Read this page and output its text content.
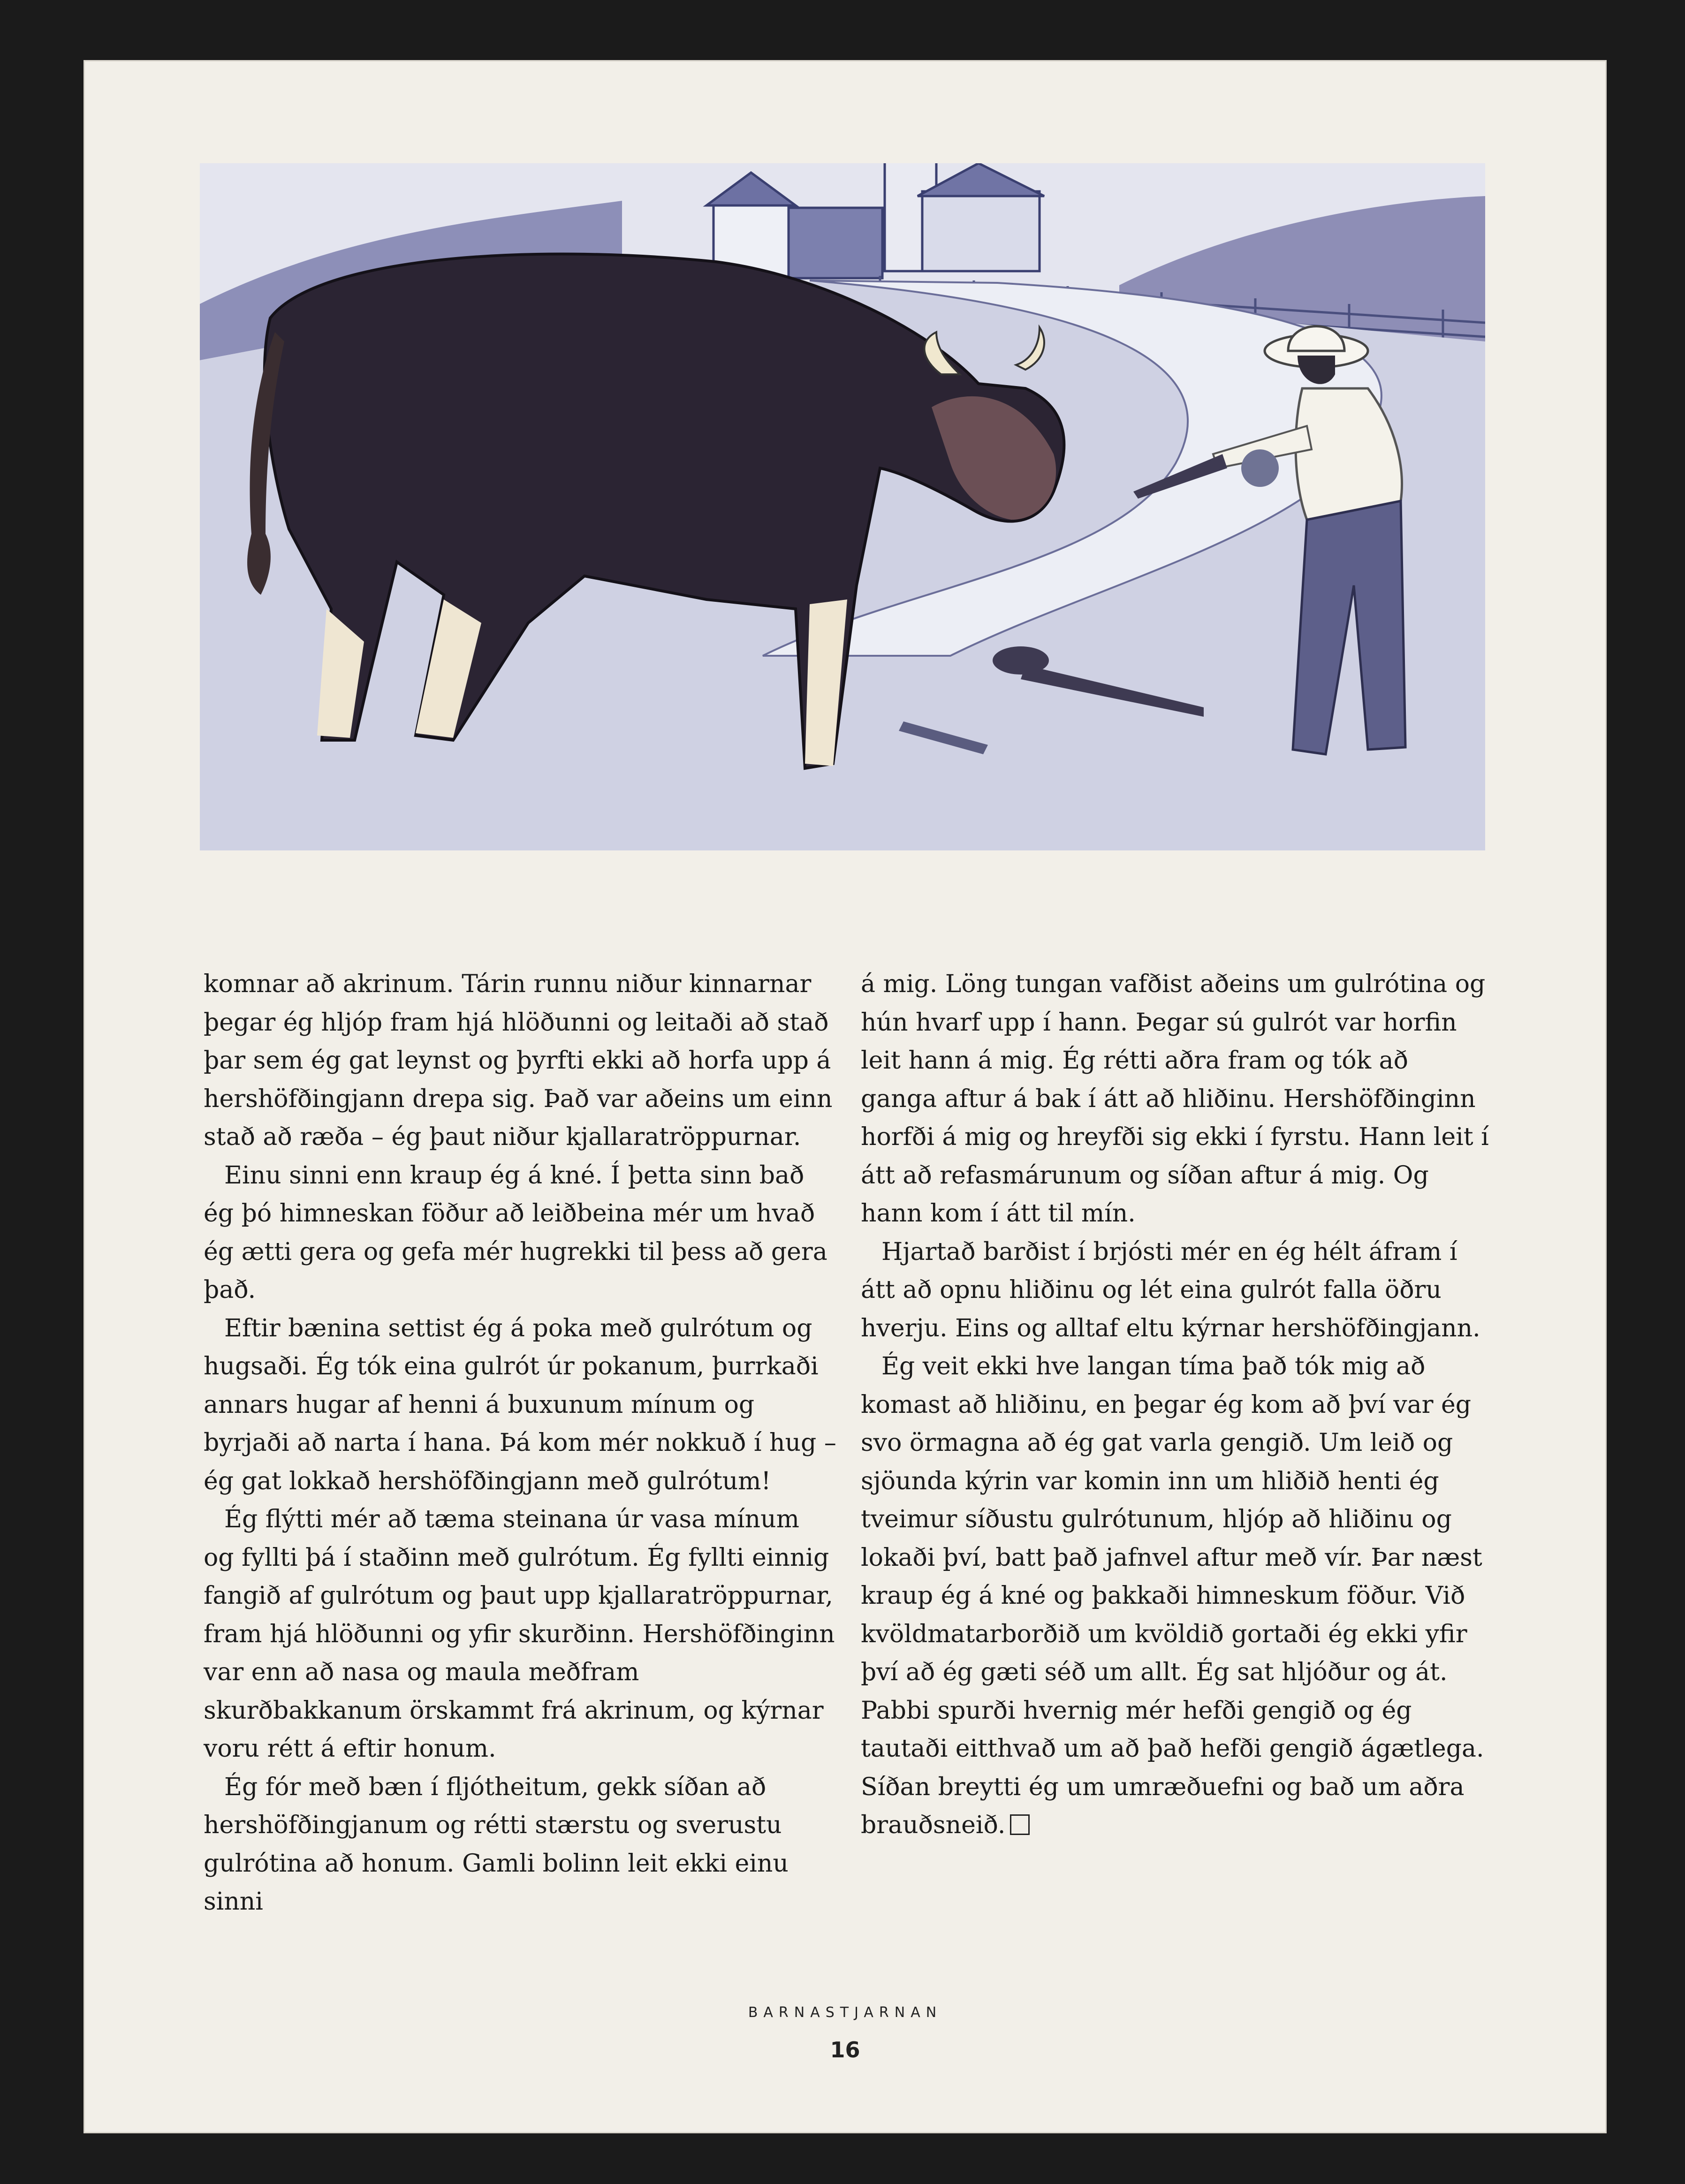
komnar að akrinum. Tárin runnu niður kinnarnar þegar ég hljóp fram hjá hlöðunni og leitaði að stað þar sem ég gat leynst og þyrfti ekki að horfa upp á hershöfðingjann drepa sig. Það var aðeins um einn stað að ræða – ég þaut niður kjallaratröppurnar.

Einu sinni enn kraup ég á kné. Í þetta sinn bað ég þó himneskan föður að leiðbeina mér um hvað ég ætti gera og gefa mér hugrekki til þess að gera það.

Eftir bænina settist ég á poka með gulrótum og hugsaði. Ég tók eina gulrót úr pokanum, þurrkaði annars hugar af henni á buxunum mínum og byrjaði að narta í hana. Þá kom mér nokkuð í hug – ég gat lokkað hershöfðingjann með gulrótum!

Ég flýtti mér að tæma steinana úr vasa mínum og fyllti þá í staðinn með gulrótum. Ég fyllti einnig fangið af gulrótum og þaut upp kjallaratröppurnar, fram hjá hlöðunni og yfir skurðinn. Hershöfðinginn var enn að nasa og maula meðfram skurðbakkanum örskammt frá akrinum, og kýrnar voru rétt á eftir honum.

Ég fór með bæn í fljótheitum, gekk síðan að hershöfðingjanum og rétti stærstu og sverustu gulrótina að honum. Gamli bolinn leit ekki einu sinni

á mig. Löng tungan vafðist aðeins um gulrótina og hún hvarf upp í hann. Þegar sú gulrót var horfin leit hann á mig. Ég rétti aðra fram og tók að ganga aftur á bak í átt að hliðinu. Hershöfðinginn horfði á mig og hreyfði sig ekki í fyrstu. Hann leit í átt að refasmárunum og síðan aftur á mig. Og hann kom í átt til mín.

Hjartað barðist í brjósti mér en ég hélt áfram í átt að opnu hliðinu og lét eina gulrót falla öðru hverju. Eins og alltaf eltu kýrnar hershöfðingjann.

Ég veit ekki hve langan tíma það tók mig að komast að hliðinu, en þegar ég kom að því var ég svo örmagna að ég gat varla gengið. Um leið og sjöunda kýrin var komin inn um hliðið henti ég tveimur síðustu gulrótunum, hljóp að hliðinu og lokaði því, batt það jafnvel aftur með vír. Þar næst kraup ég á kné og þakkaði himneskum föður. Við kvöldmatarborðið um kvöldið gortaði ég ekki yfir því að ég gæti séð um allt. Ég sat hljóður og át. Pabbi spurði hvernig mér hefði gengið og ég tautaði eitthvað um að það hefði gengið ágætlega. Síðan breytti ég um umræðuefni og bað um aðra brauðsneið.

BARNASTJARNAN
16
